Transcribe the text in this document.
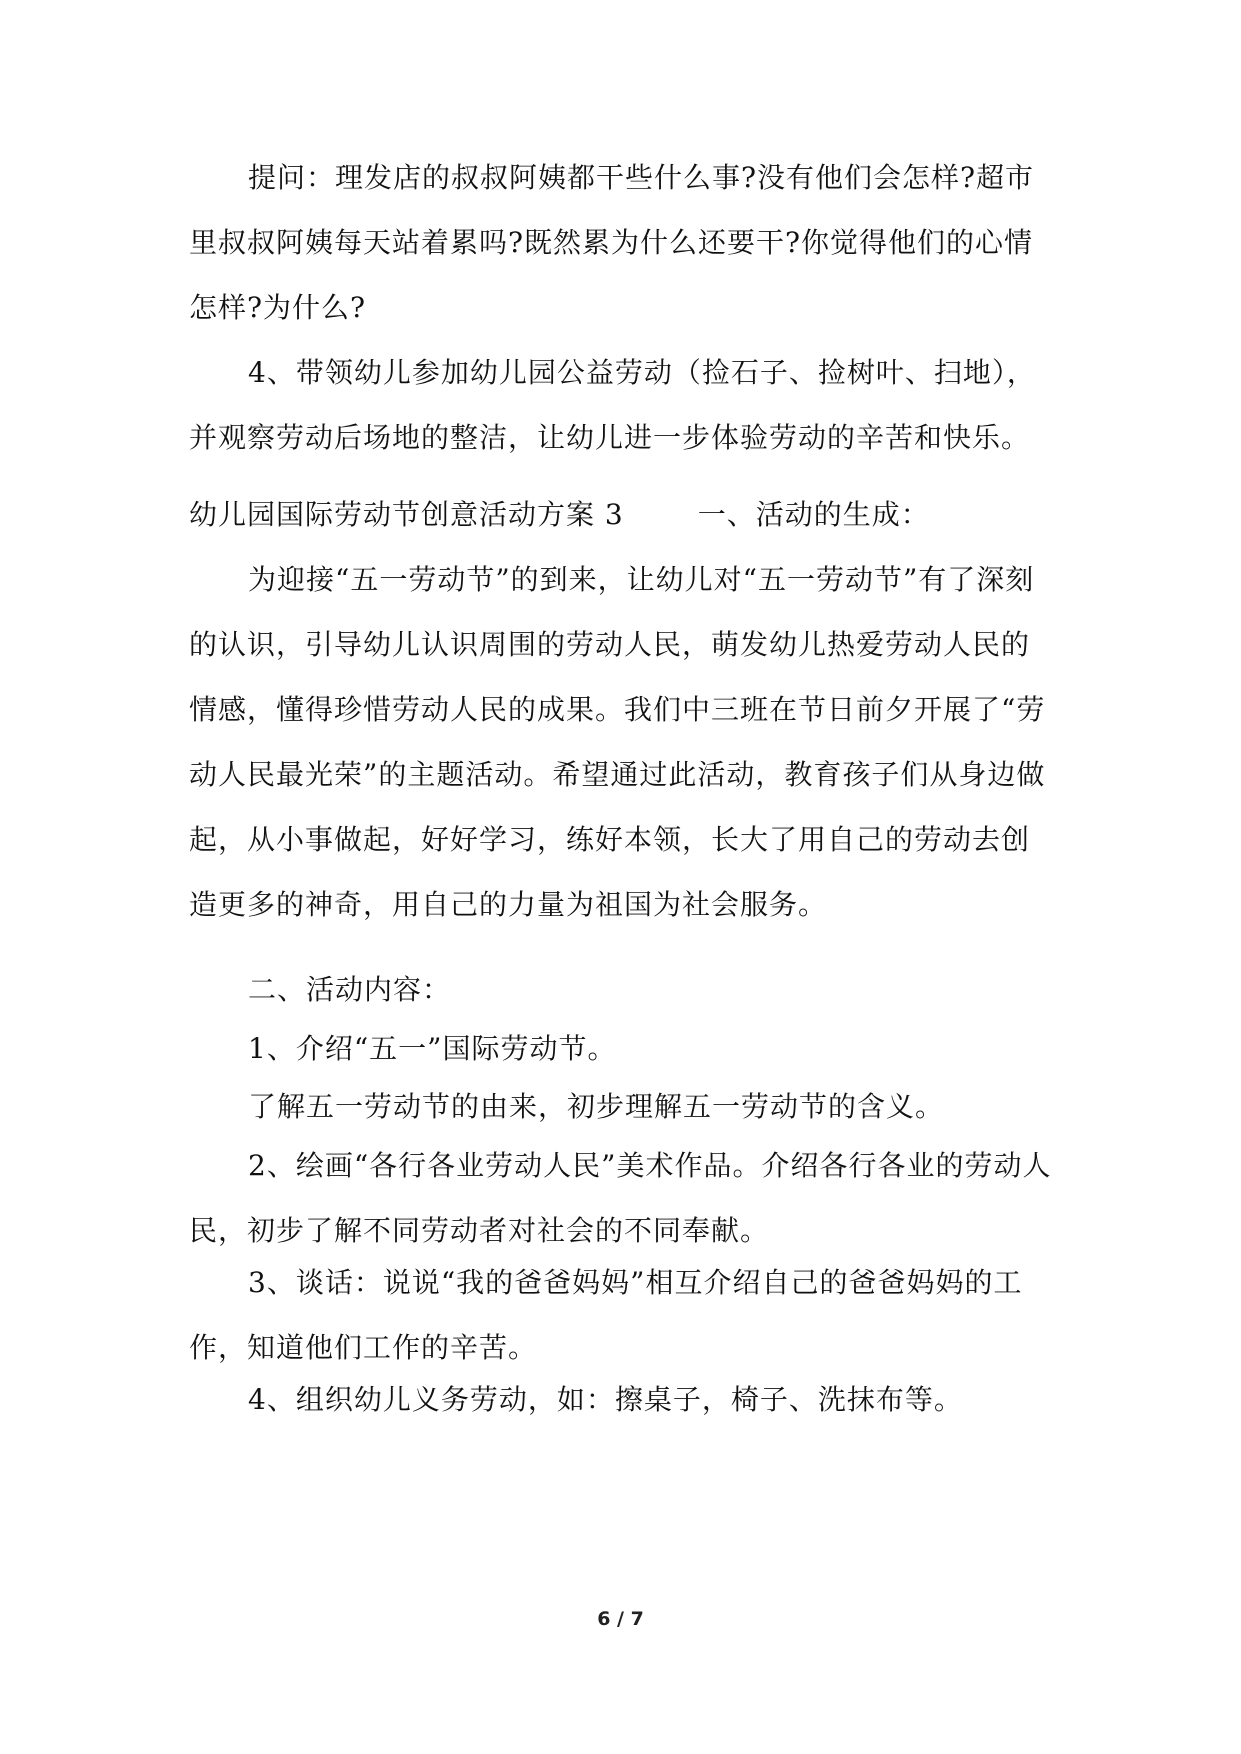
提问：理发店的叔叔阿姨都干些什么事?没有他们会怎样?超市里叔叔阿姨每天站着累吗?既然累为什么还要干?你觉得他们的心情怎样?为什么?

4、带领幼儿参加幼儿园公益劳动（捡石子、捡树叶、扫地），并观察劳动后场地的整洁，让幼儿进一步体验劳动的辛苦和快乐。

幼儿园国际劳动节创意活动方案 3	一、活动的生成：

为迎接“五一劳动节”的到来，让幼儿对“五一劳动节”有了深刻的认识，引导幼儿认识周围的劳动人民，萌发幼儿热爱劳动人民的情感，懂得珍惜劳动人民的成果。我们中三班在节日前夕开展了“劳动人民最光荣”的主题活动。希望通过此活动，教育孩子们从身边做起，从小事做起，好好学习，练好本领，长大了用自己的劳动去创造更多的神奇，用自己的力量为祖国为社会服务。

二、活动内容：

1、介绍“五一”国际劳动节。

了解五一劳动节的由来，初步理解五一劳动节的含义。

2、绘画“各行各业劳动人民”美术作品。介绍各行各业的劳动人民，初步了解不同劳动者对社会的不同奉献。

3、谈话：说说“我的爸爸妈妈”相互介绍自己的爸爸妈妈的工作，知道他们工作的辛苦。

4、组织幼儿义务劳动，如：擦桌子，椅子、洗抹布等。

6 / 7
